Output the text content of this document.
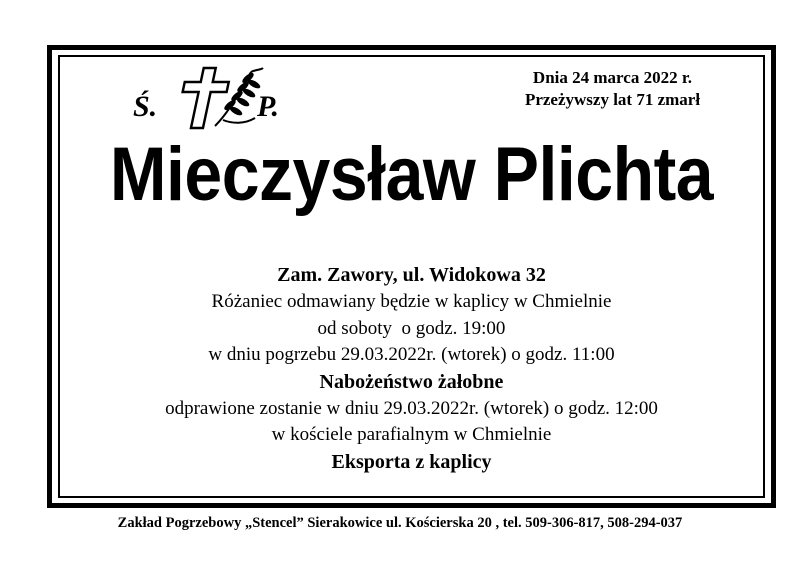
Ś.	P.
Dnia 24 marca 2022 r.
Przeżywszy lat 71 zmarł
Mieczysław Plichta
Zam. Zawory, ul. Widokowa 32
Różaniec odmawiany będzie w kaplicy w Chmielnie
od soboty  o godz. 19:00
w dniu pogrzebu 29.03.2022r. (wtorek) o godz. 11:00
Nabożeństwo żałobne
odprawione zostanie w dniu 29.03.2022r. (wtorek) o godz. 12:00
w kościele parafialnym w Chmielnie
Eksporta z kaplicy
Zakład Pogrzebowy „Stencel” Sierakowice ul. Kościerska 20 , tel. 509-306-817, 508-294-037
